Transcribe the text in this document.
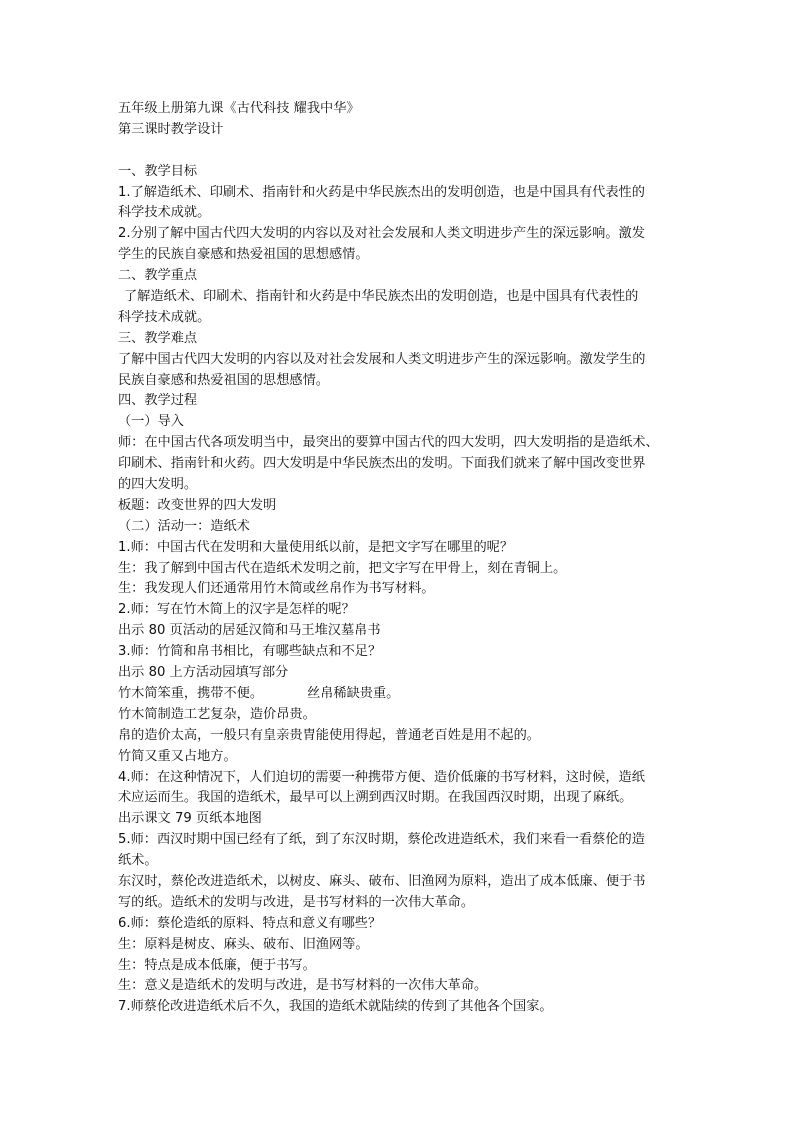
五年级上册第九课《古代科技 耀我中华》
第三课时教学设计
一、教学目标
1.了解造纸术、印刷术、指南针和火药是中华民族杰出的发明创造，也是中国具有代表性的
科学技术成就。
2.分别了解中国古代四大发明的内容以及对社会发展和人类文明进步产生的深远影响。激发
学生的民族自豪感和热爱祖国的思想感情。
二、教学重点
了解造纸术、印刷术、指南针和火药是中华民族杰出的发明创造，也是中国具有代表性的
科学技术成就。
三、教学难点
了解中国古代四大发明的内容以及对社会发展和人类文明进步产生的深远影响。激发学生的
民族自豪感和热爱祖国的思想感情。
四、教学过程
（一）导入
师：在中国古代各项发明当中，最突出的要算中国古代的四大发明，四大发明指的是造纸术、
印刷术、指南针和火药。四大发明是中华民族杰出的发明。下面我们就来了解中国改变世界
的四大发明。
板题：改变世界的四大发明
（二）活动一：造纸术
1.师：中国古代在发明和大量使用纸以前，是把文字写在哪里的呢？
生：我了解到中国古代在造纸术发明之前，把文字写在甲骨上，刻在青铜上。
生：我发现人们还通常用竹木简或丝帛作为书写材料。
2.师：写在竹木简上的汉字是怎样的呢？
出示 80 页活动的居延汉简和马王堆汉墓帛书
3.师：竹简和帛书相比，有哪些缺点和不足？
出示 80 上方活动园填写部分
竹木简笨重，携带不便。	丝帛稀缺贵重。
竹木简制造工艺复杂，造价昂贵。
帛的造价太高，一般只有皇亲贵胄能使用得起，普通老百姓是用不起的。
竹简又重又占地方。
4.师：在这种情况下，人们迫切的需要一种携带方便、造价低廉的书写材料，这时候，造纸
术应运而生。我国的造纸术，最早可以上溯到西汉时期。在我国西汉时期，出现了麻纸。
出示课文 79 页纸本地图
5.师：西汉时期中国已经有了纸，到了东汉时期，蔡伦改进造纸术，我们来看一看蔡伦的造
纸术。
东汉时，蔡伦改进造纸术，以树皮、麻头、破布、旧渔网为原料，造出了成本低廉、便于书
写的纸。造纸术的发明与改进，是书写材料的一次伟大革命。
6.师：蔡伦造纸的原料、特点和意义有哪些？
生：原料是树皮、麻头、破布、旧渔网等。
生：特点是成本低廉，便于书写。
生：意义是造纸术的发明与改进，是书写材料的一次伟大革命。
7.师蔡伦改进造纸术后不久，我国的造纸术就陆续的传到了其他各个国家。
